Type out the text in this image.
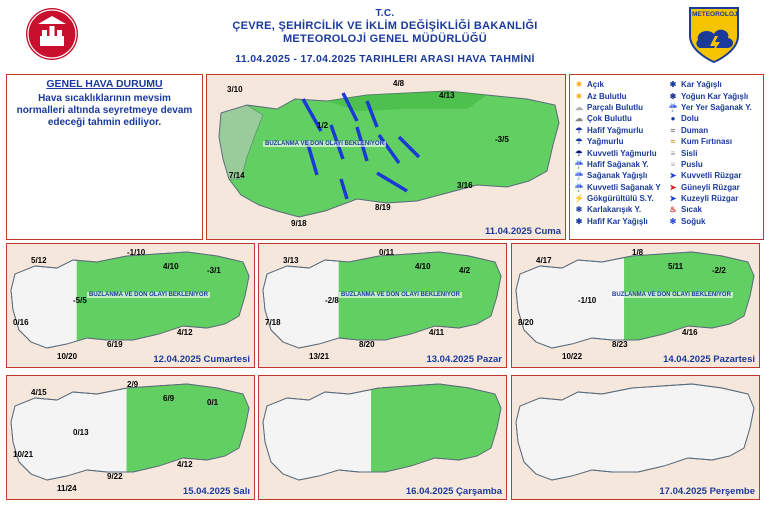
T.C.
ÇEVRE, ŞEHİRCİLİK VE İKLİM DEĞİŞİKLİĞİ BAKANLIĞI
METEOROLOJİ GENEL MÜDÜRLÜĞÜ
11.04.2025 - 17.04.2025 TARIHLERI ARASI HAVA TAHMİNİ
METEOROLOJİ
GENEL HAVA DURUMU
Hava sıcaklıklarının mevsim normalleri altında seyretmeye devam edeceği tahmin ediliyor.
BUZLANMA VE DON OLAYI BEKLENIYOR
3/10
4/8
4/13
1/2
-3/5
7/14
3/16
9/18
8/19
11.04.2025 Cuma
☀ Açık
☀ Az Bulutlu
☁ Parçalı Bulutlu
☁ Çok Bulutlu
☂ Hafif Yağmurlu
☂ Yağmurlu
☂ Kuvvetli Yağmurlu
☔ Hafif Sağanak Y.
☔ Sağanak Yağışlı
☔ Kuvvetli Sağanak Y
⚡ Gökgürültülü S.Y.
❄ Karlakarışık Y.
✱ Hafif Kar Yağışlı
✱ Kar Yağışlı
❄ Yoğun Kar Yağışlı
☔ Yer Yer Sağanak Y.
● Dolu
≈ Duman
≈ Kum Fırtınası
≡ Sisli
≡ Puslu
➤ Kuvvetli Rüzgar
➤ Güneyli Rüzgar
➤ Kuzeyli Rüzgar
♨ Sıcak
✻ Soğuk
5/12
-1/10
4/10
-5/5
-3/1
0/16
6/19
4/12
10/20
BUZLANMA VE DON OLAYI BEKLENIYOR
12.04.2025 Cumartesi
3/13
0/11
4/10
-2/8
4/2
7/18
8/20
4/11
13/21
BUZLANMA VE DON OLAYI BEKLENIYOR
13.04.2025 Pazar
4/17
1/8
5/11
-1/10
-2/2
8/20
8/23
4/16
10/22
BUZLANMA VE DON OLAYI BEKLENIYOR
14.04.2025 Pazartesi
4/15
2/9
6/9
0/13
0/1
10/21
9/22
4/12
11/24	15.04.2025 Salı	16.04.2025 Çarşamba	17.04.2025 Perşembe
